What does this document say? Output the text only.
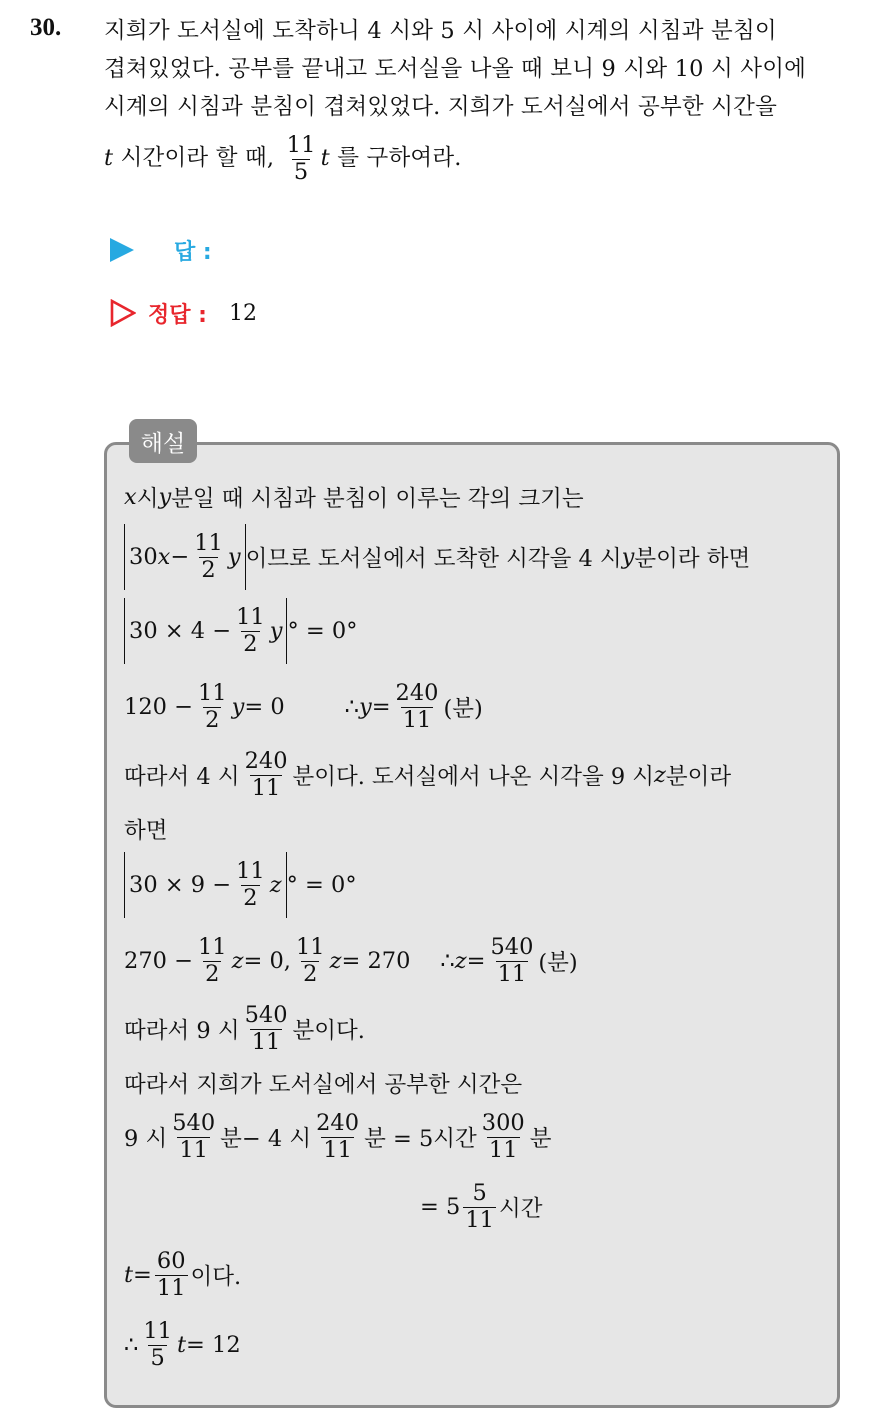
30. 지희가 도서실에 도착하니 4 시와 5 시 사이에 시계의 시침과 분침이
겹쳐있었다. 공부를 끝내고 도서실을 나올 때 보니 9 시와 10 시 사이에
시계의 시침과 분침이 겹쳐있었다. 지희가 도서실에서 공부한 시간을
t 시간이라 할 때, $\frac{11}{5}$ t 를 구하여라.
답 :
정답 : 12
해설
x 시 y 분일 때 시침과 분침이 이루는 각의 크기는
30 $x - \frac{11}{2}$ y 이므로 도서실에서 도착한 시각을 4 시 y 분이라 하면
$30 \times 4 - \frac{11}{2}$ y ° = 0°
$120 - \frac{11}{2}$ y = 0	∴ $y = \frac{240}{11}$ (분)
따라서 4 시 $\frac{240}{11}$ 분이다. 도서실에서 나온 시각을 9 시 z 분이라
하면
$30 \times 9 - \frac{11}{2}$ z ° = 0°
$270 - \frac{11}{2}$ z = 0, $\frac{11}{2}$ z = 270 ∴ $z = \frac{540}{11}$ (분)
따라서 9 시 $\frac{540}{11}$ 분이다.
따라서 지희가 도서실에서 공부한 시간은
9 시 $\frac{540}{11}$ 분− 4 시 $\frac{240}{11}$ 분 = 5시간 $\frac{300}{11}$ 분
= $5 \frac{5}{11}$ 시간
$t = \frac{60}{11}$ 이다.
∴ $\frac{11}{5}$ t = 12
